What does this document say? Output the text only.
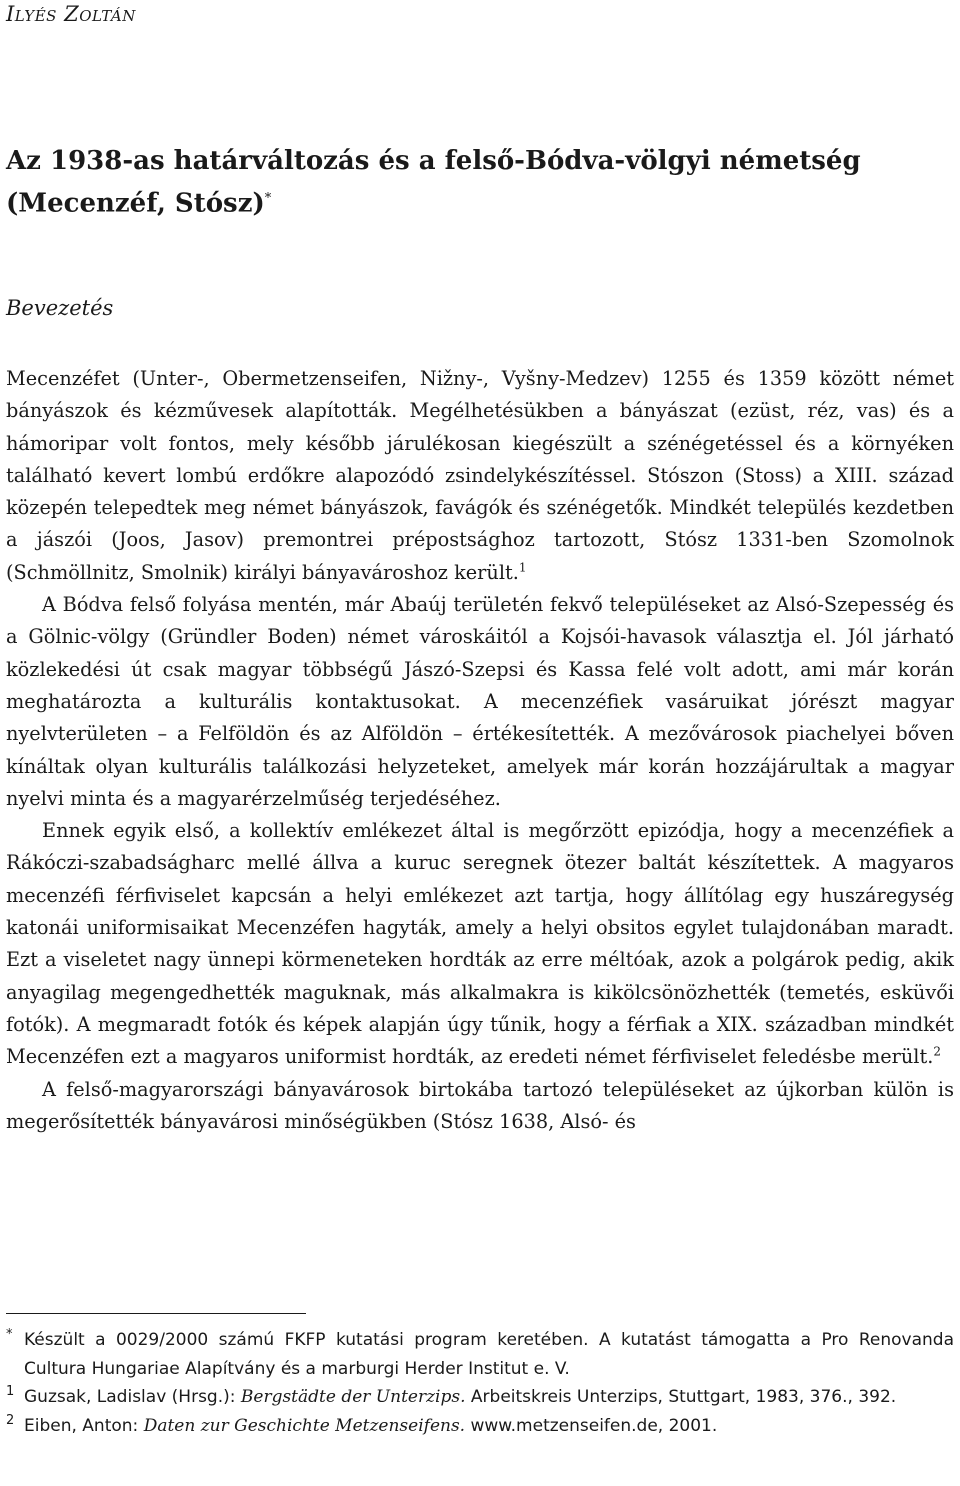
Ilyés Zoltán
Az 1938-as határváltozás és a felső-Bódva-völgyi németség
(Mecenzéf, Stósz)*
Bevezetés

Mecenzéfet (Unter-, Obermetzenseifen, Nižny-, Vyšny-Medzev) 1255 és 1359 között német bányászok és kézművesek alapították. Megélhetésükben a bányászat (ezüst, réz, vas) és a hámoripar volt fontos, mely később járulékosan kiegészült a szénégetéssel és a környéken található kevert lombú erdőkre alapozódó zsindelykészítéssel. Stószon (Stoss) a XIII. század közepén telepedtek meg német bányászok, favágók és szénégetők. Mindkét település kezdetben a jászói (Joos, Jasov) premontrei prépostsághoz tartozott, Stósz 1331-ben Szomolnok (Schmöllnitz, Smolnik) királyi bányavároshoz került.$^1$

A Bódva felső folyása mentén, már Abaúj területén fekvő településeket az Alsó-Szepesség és a Gölnic-völgy (Gründler Boden) német városkáitól a Kojsói-havasok választja el. Jól járható közlekedési út csak magyar többségű Jászó-Szepsi és Kassa felé volt adott, ami már korán meghatározta a kulturális kontaktusokat. A mecenzéfiek vasáruikat jórészt magyar nyelvterületen – a Felföldön és az Alföldön – értékesítették. A mezővárosok piachelyei bőven kínáltak olyan kulturális találkozási helyzeteket, amelyek már korán hozzájárultak a magyar nyelvi minta és a magyarérzelműség terjedéséhez.

Ennek egyik első, a kollektív emlékezet által is megőrzött epizódja, hogy a mecenzéfiek a Rákóczi-szabadságharc mellé állva a kuruc seregnek ötezer baltát készítettek. A magyaros mecenzéfi férfiviselet kapcsán a helyi emlékezet azt tartja, hogy állítólag egy huszáregység katonái uniformisaikat Mecenzéfen hagyták, amely a helyi obsitos egylet tulajdonában maradt. Ezt a viseletet nagy ünnepi körmeneteken hordták az erre méltóak, azok a polgárok pedig, akik anyagilag megengedhették maguknak, más alkalmakra is kikölcsönözhették (temetés, esküvői fotók). A megmaradt fotók és képek alapján úgy tűnik, hogy a férfiak a XIX. században mindkét Mecenzéfen ezt a magyaros uniformist hordták, az eredeti német férfiviselet feledésbe merült.$^2$

A felső-magyarországi bányavárosok birtokába tartozó településeket az újkorban külön is megerősítették bányavárosi minőségükben (Stósz 1638, Alsó- és

* Készült a 0029/2000 számú FKFP kutatási program keretében. A kutatást támogatta a Pro Renovanda Cultura Hungariae Alapítvány és a marburgi Herder Institut e. V.
1 Guzsak, Ladislav (Hrsg.): Bergstädte der Unterzips. Arbeitskreis Unterzips, Stuttgart, 1983, 376., 392.
2 Eiben, Anton: Daten zur Geschichte Metzenseifens. www.metzenseifen.de, 2001.
